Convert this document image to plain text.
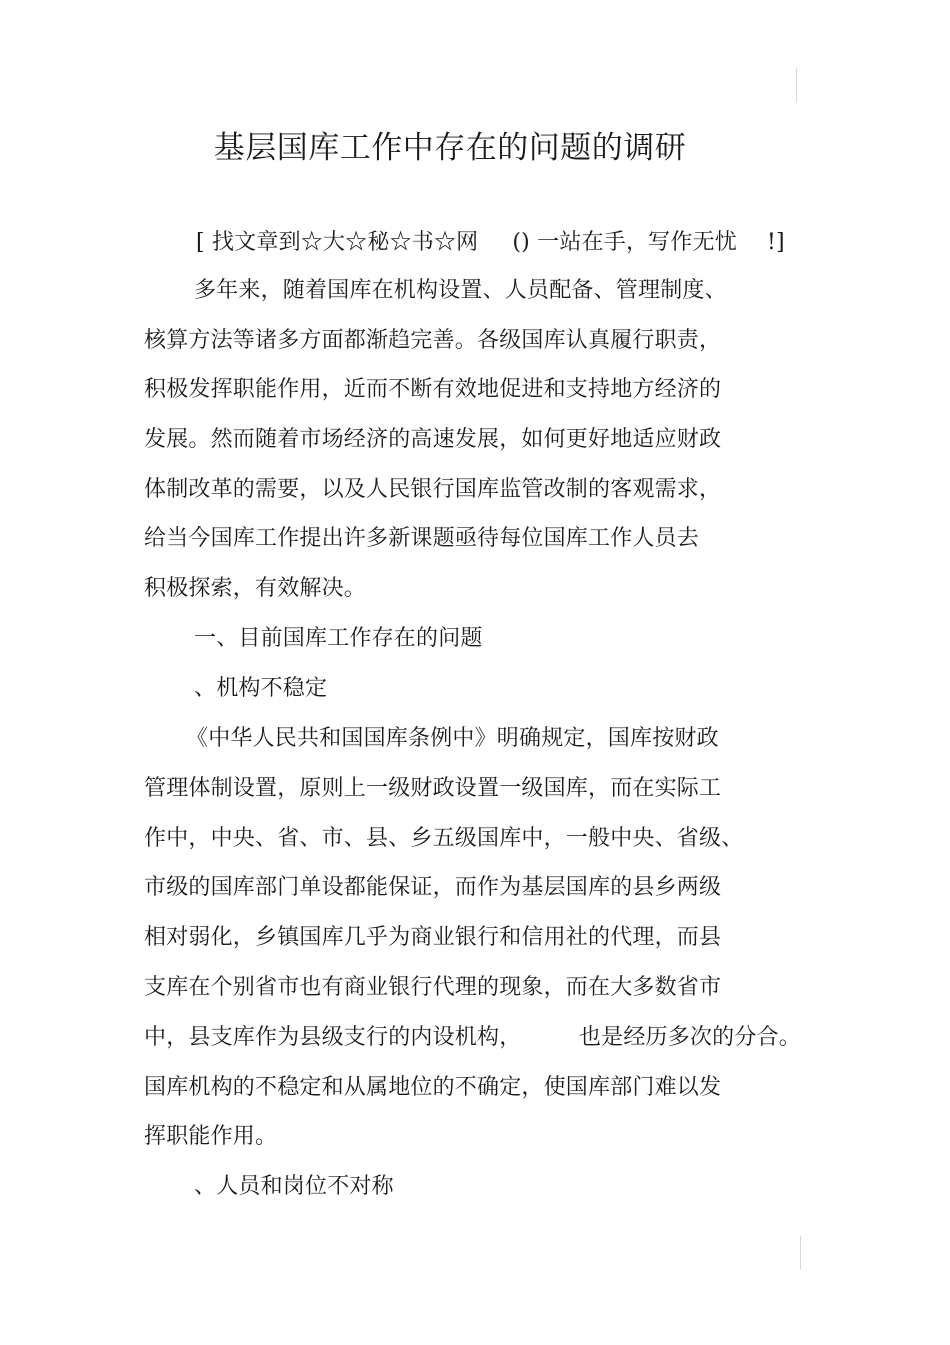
基层国库工作中存在的问题的调研
[ 找文章到☆大☆秘☆书☆网 () 一站在手，写作无忧 !]
多年来，随着国库在机构设置、人员配备、管理制度、
核算方法等诸多方面都渐趋完善。各级国库认真履行职责，
积极发挥职能作用，近而不断有效地促进和支持地方经济的
发展。然而随着市场经济的高速发展，如何更好地适应财政
体制改革的需要，以及人民银行国库监管改制的客观需求，
给当今国库工作提出许多新课题亟待每位国库工作人员去
积极探索，有效解决。
一、目前国库工作存在的问题
、机构不稳定
《中华人民共和国国库条例中》明确规定，国库按财政
管理体制设置，原则上一级财政设置一级国库，而在实际工
作中，中央、省、市、县、乡五级国库中，一般中央、省级、
市级的国库部门单设都能保证，而作为基层国库的县乡两级
相对弱化，乡镇国库几乎为商业银行和信用社的代理，而县
支库在个别省市也有商业银行代理的现象，而在大多数省市
中，县支库作为县级支行的内设机构，        也是经历多次的分合。
国库机构的不稳定和从属地位的不确定，使国库部门难以发
挥职能作用。
、人员和岗位不对称
